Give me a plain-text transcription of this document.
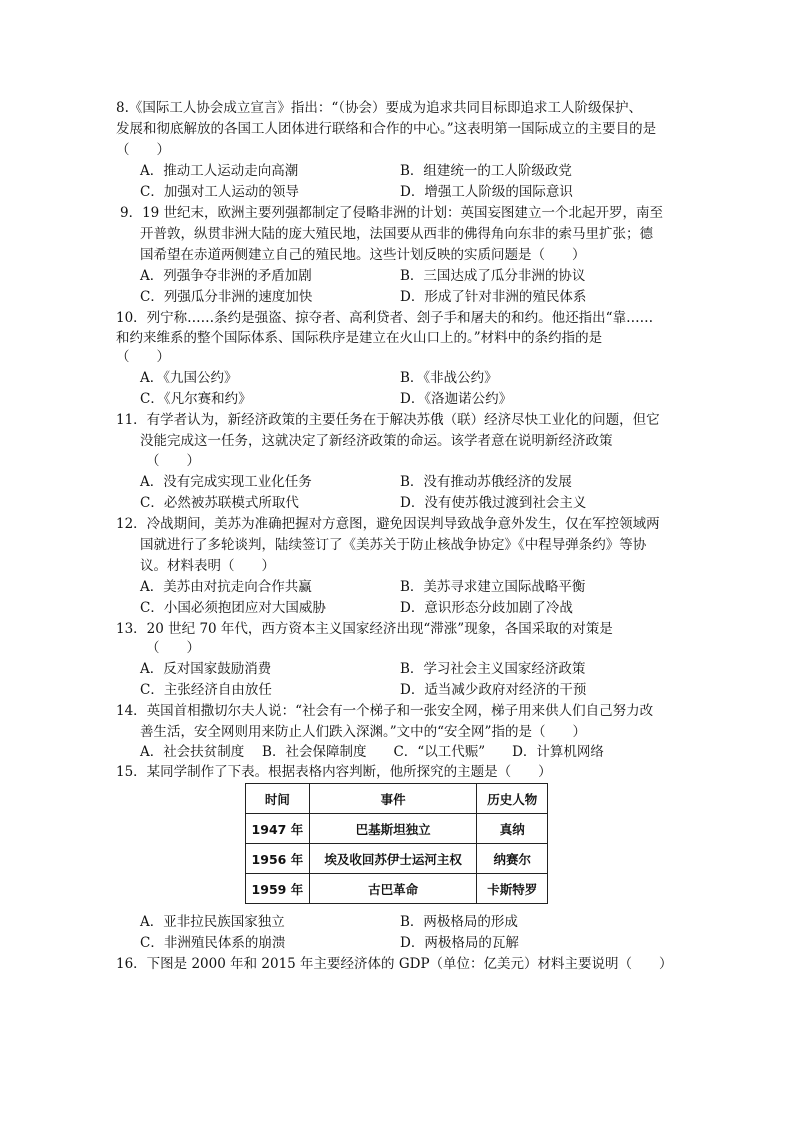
8.《国际工人协会成立宣言》指出：“（协会）要成为追求共同目标即追求工人阶级保护、
发展和彻底解放的各国工人团体进行联络和合作的中心。”这表明第一国际成立的主要目的是
（　　）
A．推动工人运动走向高潮	B．组建统一的工人阶级政党
C．加强对工人运动的领导	D．增强工人阶级的国际意识
9．19 世纪末，欧洲主要列强都制定了侵略非洲的计划：英国妄图建立一个北起开罗，南至
开普敦，纵贯非洲大陆的庞大殖民地，法国要从西非的佛得角向东非的索马里扩张；德
国希望在赤道两侧建立自己的殖民地。这些计划反映的实质问题是（　　）
A．列强争夺非洲的矛盾加剧	B．三国达成了瓜分非洲的协议
C．列强瓜分非洲的速度加快	D．形成了针对非洲的殖民体系
10．列宁称……条约是强盗、掠夺者、高利贷者、刽子手和屠夫的和约。他还指出“靠……
和约来维系的整个国际体系、国际秩序是建立在火山口上的。”材料中的条约指的是
（　　）
A．《九国公约》	B．《非战公约》
C．《凡尔赛和约》	D．《洛迦诺公约》
11．有学者认为，新经济政策的主要任务在于解决苏俄（联）经济尽快工业化的问题，但它
没能完成这一任务，这就决定了新经济政策的命运。该学者意在说明新经济政策
（　　）
A．没有完成实现工业化任务	B．没有推动苏俄经济的发展
C．必然被苏联模式所取代	D．没有使苏俄过渡到社会主义
12．冷战期间，美苏为准确把握对方意图，避免因误判导致战争意外发生，仅在军控领域两
国就进行了多轮谈判，陆续签订了《美苏关于防止核战争协定》《中程导弹条约》等协
议。材料表明（　　）
A．美苏由对抗走向合作共赢	B．美苏寻求建立国际战略平衡
C．小国必须抱团应对大国威胁	D．意识形态分歧加剧了冷战
13．20 世纪 70 年代，西方资本主义国家经济出现“滞涨”现象，各国采取的对策是
（　　）
A．反对国家鼓励消费	B．学习社会主义国家经济政策
C．主张经济自由放任	D．适当减少政府对经济的干预
14．英国首相撒切尔夫人说：“社会有一个梯子和一张安全网，梯子用来供人们自己努力改
善生活，安全网则用来防止人们跌入深渊。”文中的“安全网”指的是（　　）
A．社会扶贫制度　 B．社会保障制度　　C．“以工代赈”　　D．计算机网络
15．某同学制作了下表。根据表格内容判断，他所探究的主题是（　　）
时间	事件	历史人物
1947 年	巴基斯坦独立	真纳
1956 年	埃及收回苏伊士运河主权	纳赛尔
1959 年	古巴革命	卡斯特罗
A．亚非拉民族国家独立	B．两极格局的形成
C．非洲殖民体系的崩溃	D．两极格局的瓦解
16．下图是 2000 年和 2015 年主要经济体的 GDP（单位：亿美元）材料主要说明（　　）
